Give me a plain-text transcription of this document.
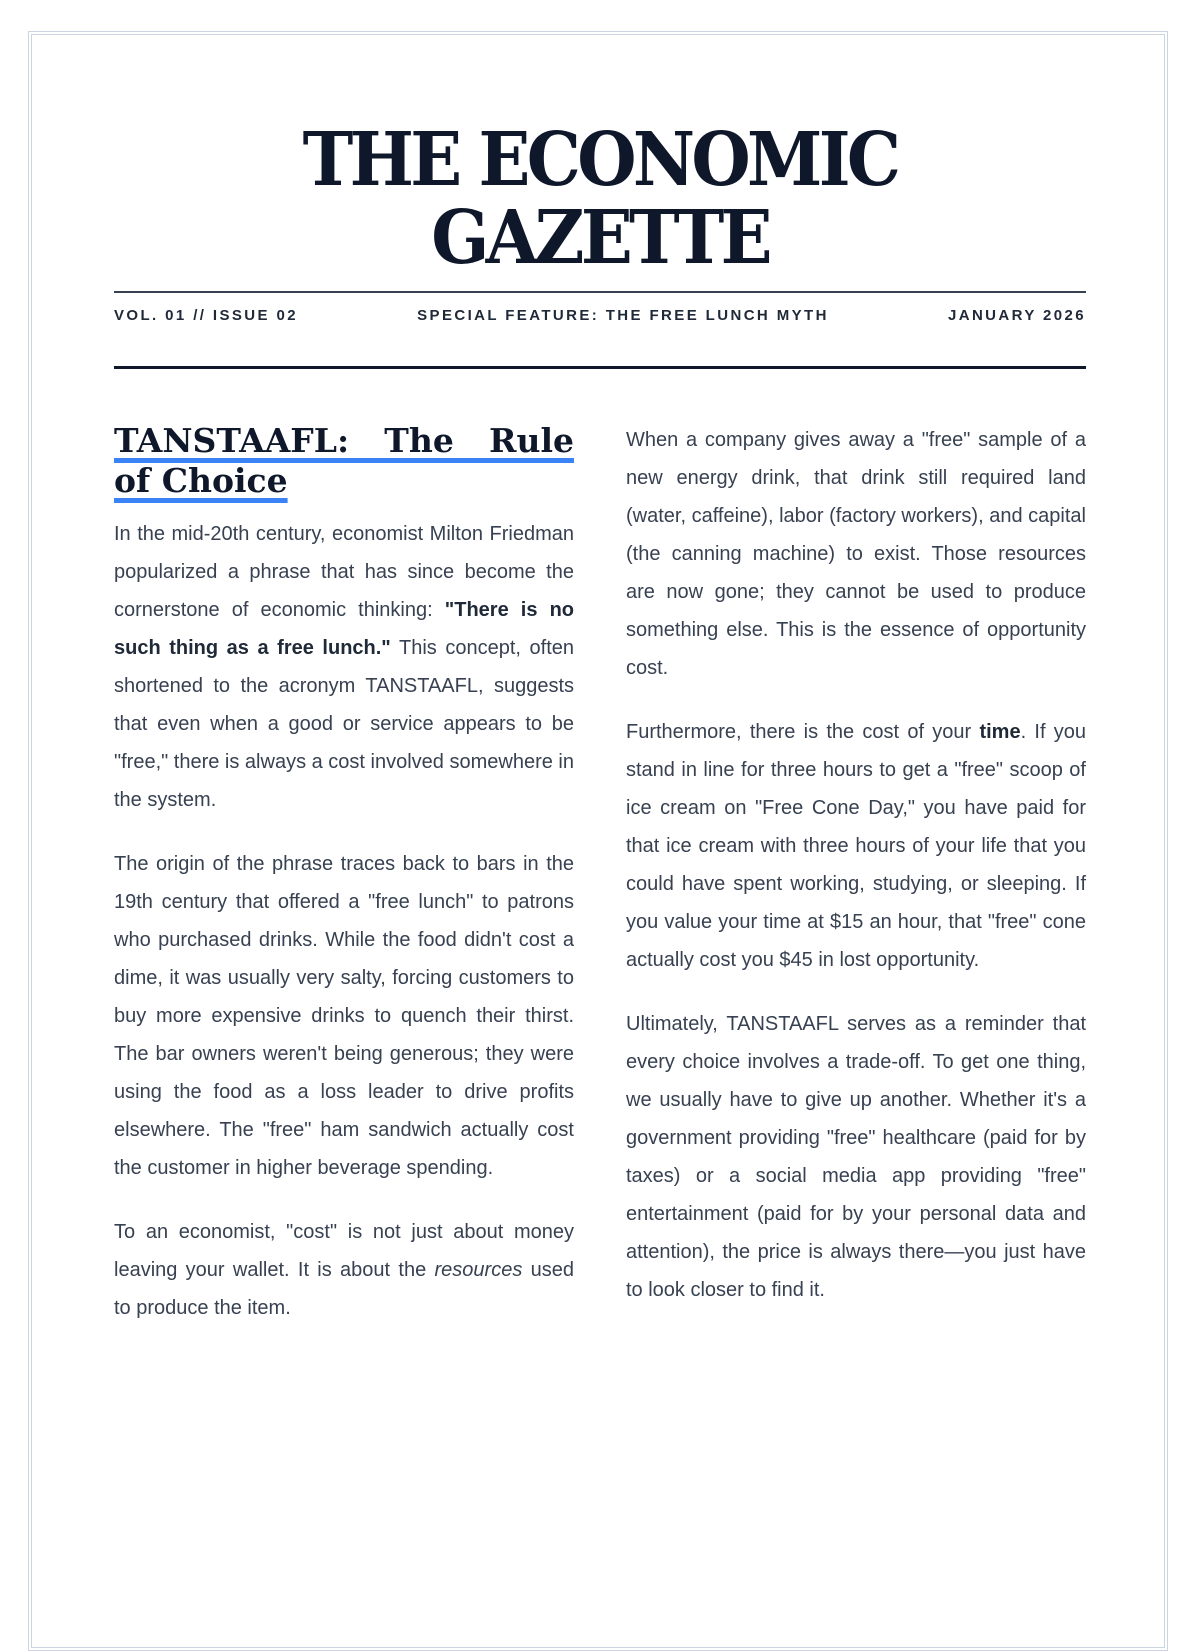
THE ECONOMIC
GAZETTE
VOL. 01 // ISSUE 02	SPECIAL FEATURE: THE FREE LUNCH MYTH	JANUARY 2026
TANSTAAFL: The Rule of Choice

In the mid-20th century, economist Milton Friedman popularized a phrase that has since become the cornerstone of economic thinking: "There is no such thing as a free lunch." This concept, often shortened to the acronym TANSTAAFL, suggests that even when a good or service appears to be "free," there is always a cost involved somewhere in the system.

The origin of the phrase traces back to bars in the 19th century that offered a "free lunch" to patrons who purchased drinks. While the food didn't cost a dime, it was usually very salty, forcing customers to buy more expensive drinks to quench their thirst. The bar owners weren't being generous; they were using the food as a loss leader to drive profits elsewhere. The "free" ham sandwich actually cost the customer in higher beverage spending.

To an economist, "cost" is not just about money leaving your wallet. It is about the resources used to produce the item.

When a company gives away a "free" sample of a new energy drink, that drink still required land (water, caffeine), labor (factory workers), and capital (the canning machine) to exist. Those resources are now gone; they cannot be used to produce something else. This is the essence of opportunity cost.

Furthermore, there is the cost of your time. If you stand in line for three hours to get a "free" scoop of ice cream on "Free Cone Day," you have paid for that ice cream with three hours of your life that you could have spent working, studying, or sleeping. If you value your time at $15 an hour, that "free" cone actually cost you $45 in lost opportunity.

Ultimately, TANSTAAFL serves as a reminder that every choice involves a trade-off. To get one thing, we usually have to give up another. Whether it's a government providing "free" healthcare (paid for by taxes) or a social media app providing "free" entertainment (paid for by your personal data and attention), the price is always there—you just have to look closer to find it.
